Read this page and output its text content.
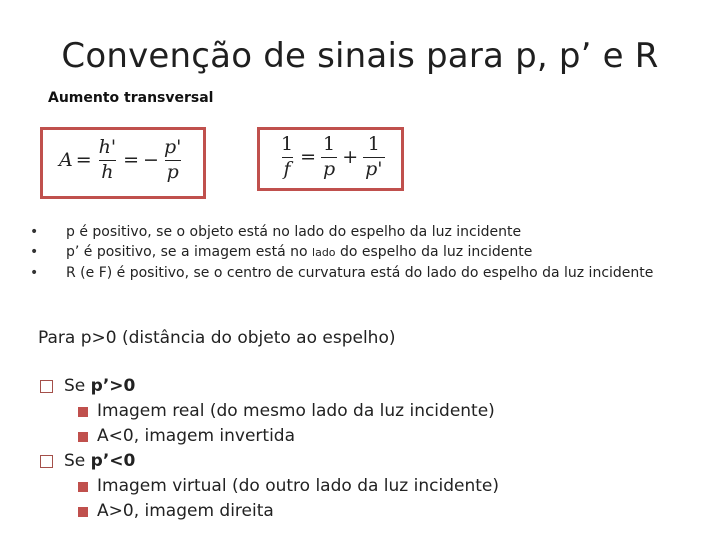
Convenção de sinais para p, p’ e R
Aumento transversal
$A = \frac{h'}{h}$ = − $\frac{p'}{p}$	$\frac{1}{f} = \frac{1}{p} + \frac{1}{p'}$
•	p é positivo, se o objeto está no lado do espelho da luz incidente
•	p’ é positivo, se a imagem está no lado do espelho da luz incidente
•	R (e F) é positivo, se o centro de curvatura está do lado do espelho da luz incidente
Para p>0 (distância do objeto ao espelho)
Se
p’>0
Imagem real (do mesmo lado da luz incidente)
A<0, imagem invertida
Se
p’<0
Imagem virtual (do outro lado da luz incidente)
A>0, imagem direita
